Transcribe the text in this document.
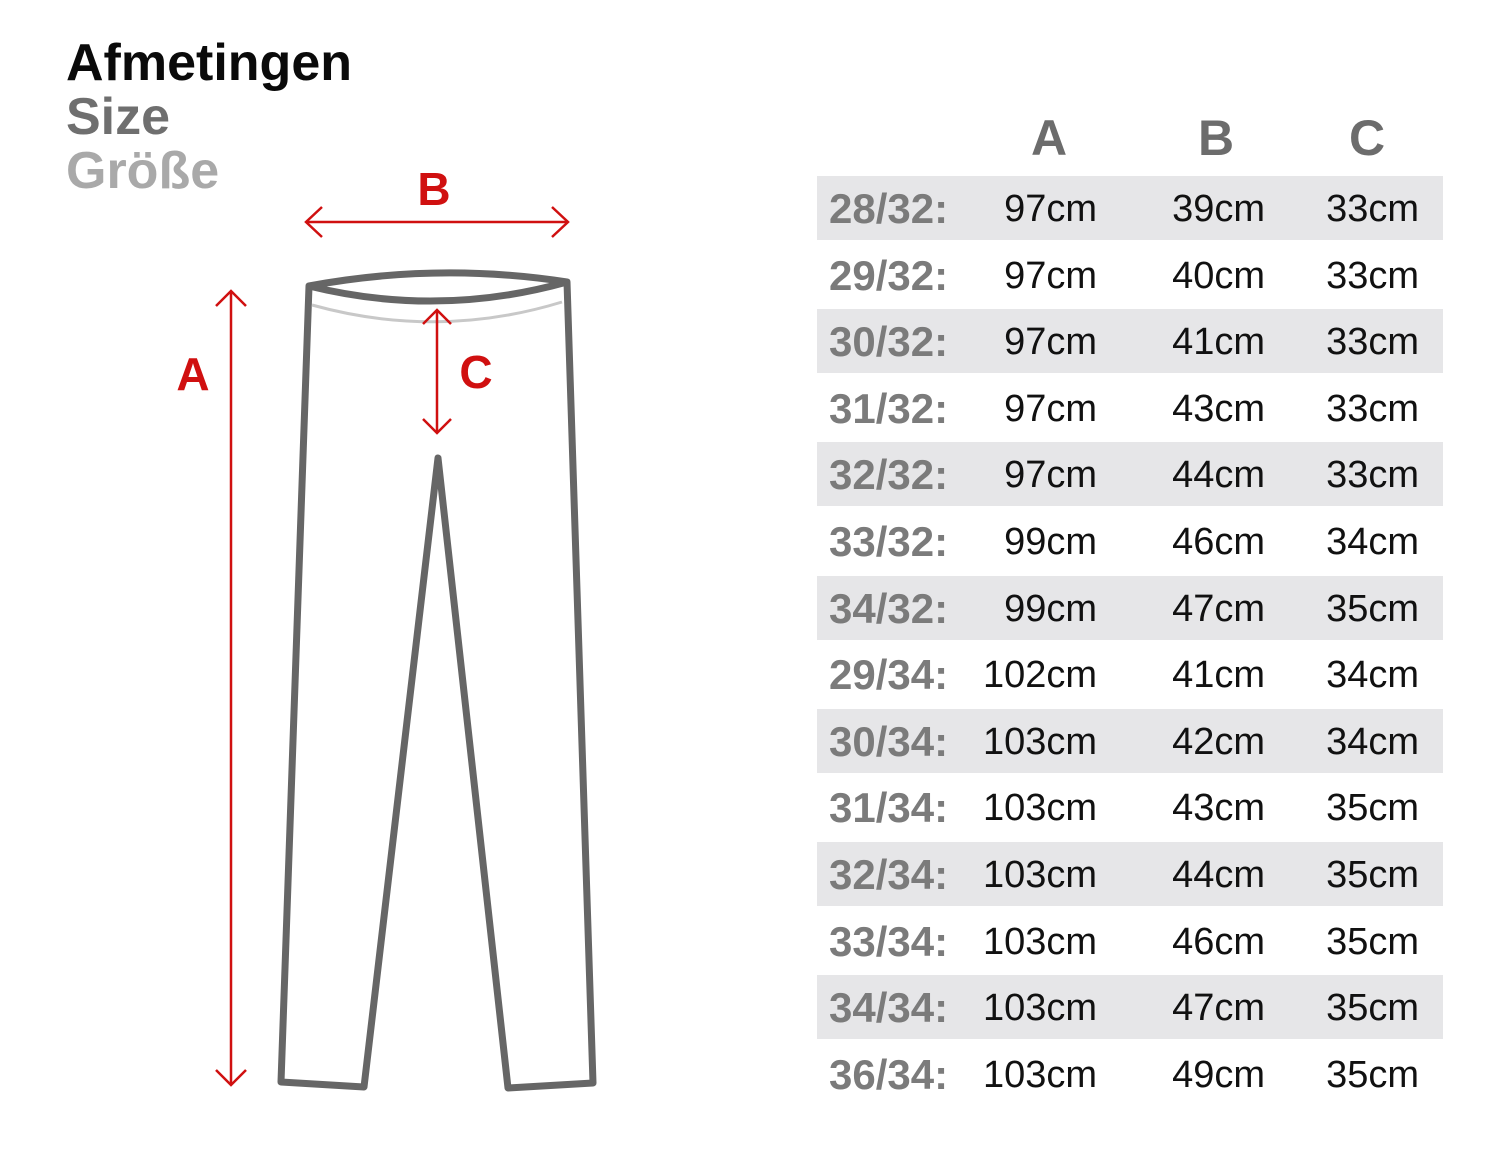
Afmetingen
Size
Größe
A
B
C
A	B	C
28/32:	97cm	39cm	33cm
29/32:	97cm	40cm	33cm
30/32:	97cm	41cm	33cm
31/32:	97cm	43cm	33cm
32/32:	97cm	44cm	33cm
33/32:	99cm	46cm	34cm
34/32:	99cm	47cm	35cm
29/34: 102cm	41cm	34cm
30/34: 103cm	42cm	34cm
31/34: 103cm	43cm	35cm
32/34: 103cm	44cm	35cm
33/34: 103cm	46cm	35cm
34/34: 103cm	47cm	35cm
36/34: 103cm	49cm	35cm
